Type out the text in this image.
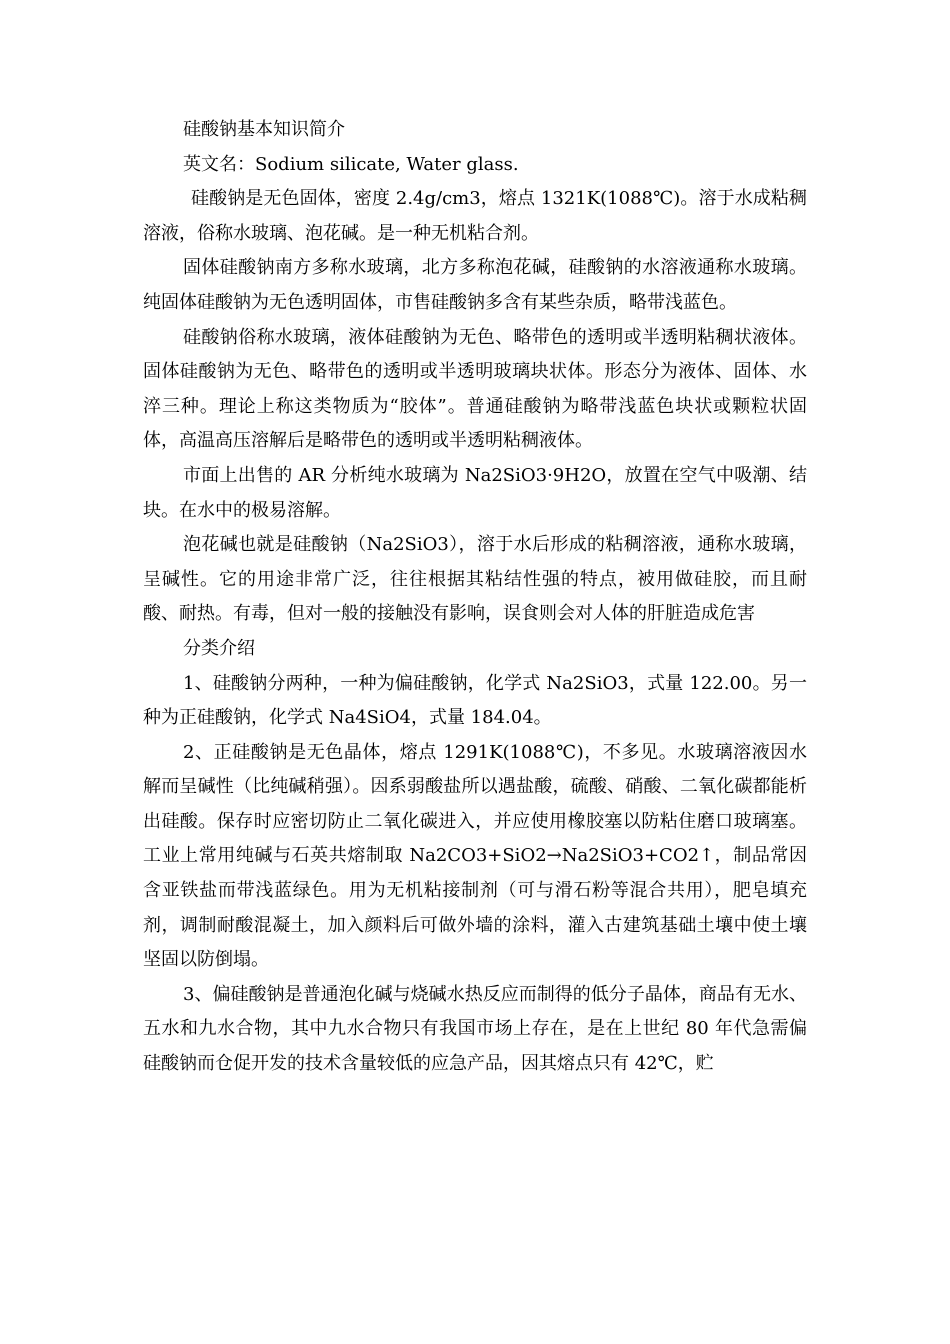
硅酸钠基本知识简介

英文名：Sodium silicate, Water glass.

硅酸钠是无色固体，密度 2.4g/cm3，熔点 1321K(1088℃)。溶于水成粘稠溶液，俗称水玻璃、泡花碱。是一种无机粘合剂。

固体硅酸钠南方多称水玻璃，北方多称泡花碱，硅酸钠的水溶液通称水玻璃。纯固体硅酸钠为无色透明固体，市售硅酸钠多含有某些杂质，略带浅蓝色。

硅酸钠俗称水玻璃，液体硅酸钠为无色、略带色的透明或半透明粘稠状液体。固体硅酸钠为无色、略带色的透明或半透明玻璃块状体。形态分为液体、固体、水淬三种。理论上称这类物质为“胶体”。普通硅酸钠为略带浅蓝色块状或颗粒状固体，高温高压溶解后是略带色的透明或半透明粘稠液体。

市面上出售的 AR 分析纯水玻璃为 Na2SiO3·9H2O，放置在空气中吸潮、结块。在水中的极易溶解。

泡花碱也就是硅酸钠（Na2SiO3），溶于水后形成的粘稠溶液，通称水玻璃，呈碱性。它的用途非常广泛，往往根据其粘结性强的特点，被用做硅胶，而且耐酸、耐热。有毒，但对一般的接触没有影响，误食则会对人体的肝脏造成危害

分类介绍

1、硅酸钠分两种，一种为偏硅酸钠，化学式 Na2SiO3，式量 122.00。另一种为正硅酸钠，化学式 Na4SiO4，式量 184.04。

2、正硅酸钠是无色晶体，熔点 1291K(1088℃)，不多见。水玻璃溶液因水解而呈碱性（比纯碱稍强）。因系弱酸盐所以遇盐酸，硫酸、硝酸、二氧化碳都能析出硅酸。保存时应密切防止二氧化碳进入，并应使用橡胶塞以防粘住磨口玻璃塞。工业上常用纯碱与石英共熔制取 Na2CO3+SiO2→Na2SiO3+CO2↑，制品常因含亚铁盐而带浅蓝绿色。用为无机粘接制剂（可与滑石粉等混合共用），肥皂填充剂，调制耐酸混凝土，加入颜料后可做外墙的涂料，灌入古建筑基础土壤中使土壤坚固以防倒塌。

3、偏硅酸钠是普通泡化碱与烧碱水热反应而制得的低分子晶体，商品有无水、五水和九水合物，其中九水合物只有我国市场上存在，是在上世纪 80 年代急需偏硅酸钠而仓促开发的技术含量较低的应急产品，因其熔点只有 42℃，贮
